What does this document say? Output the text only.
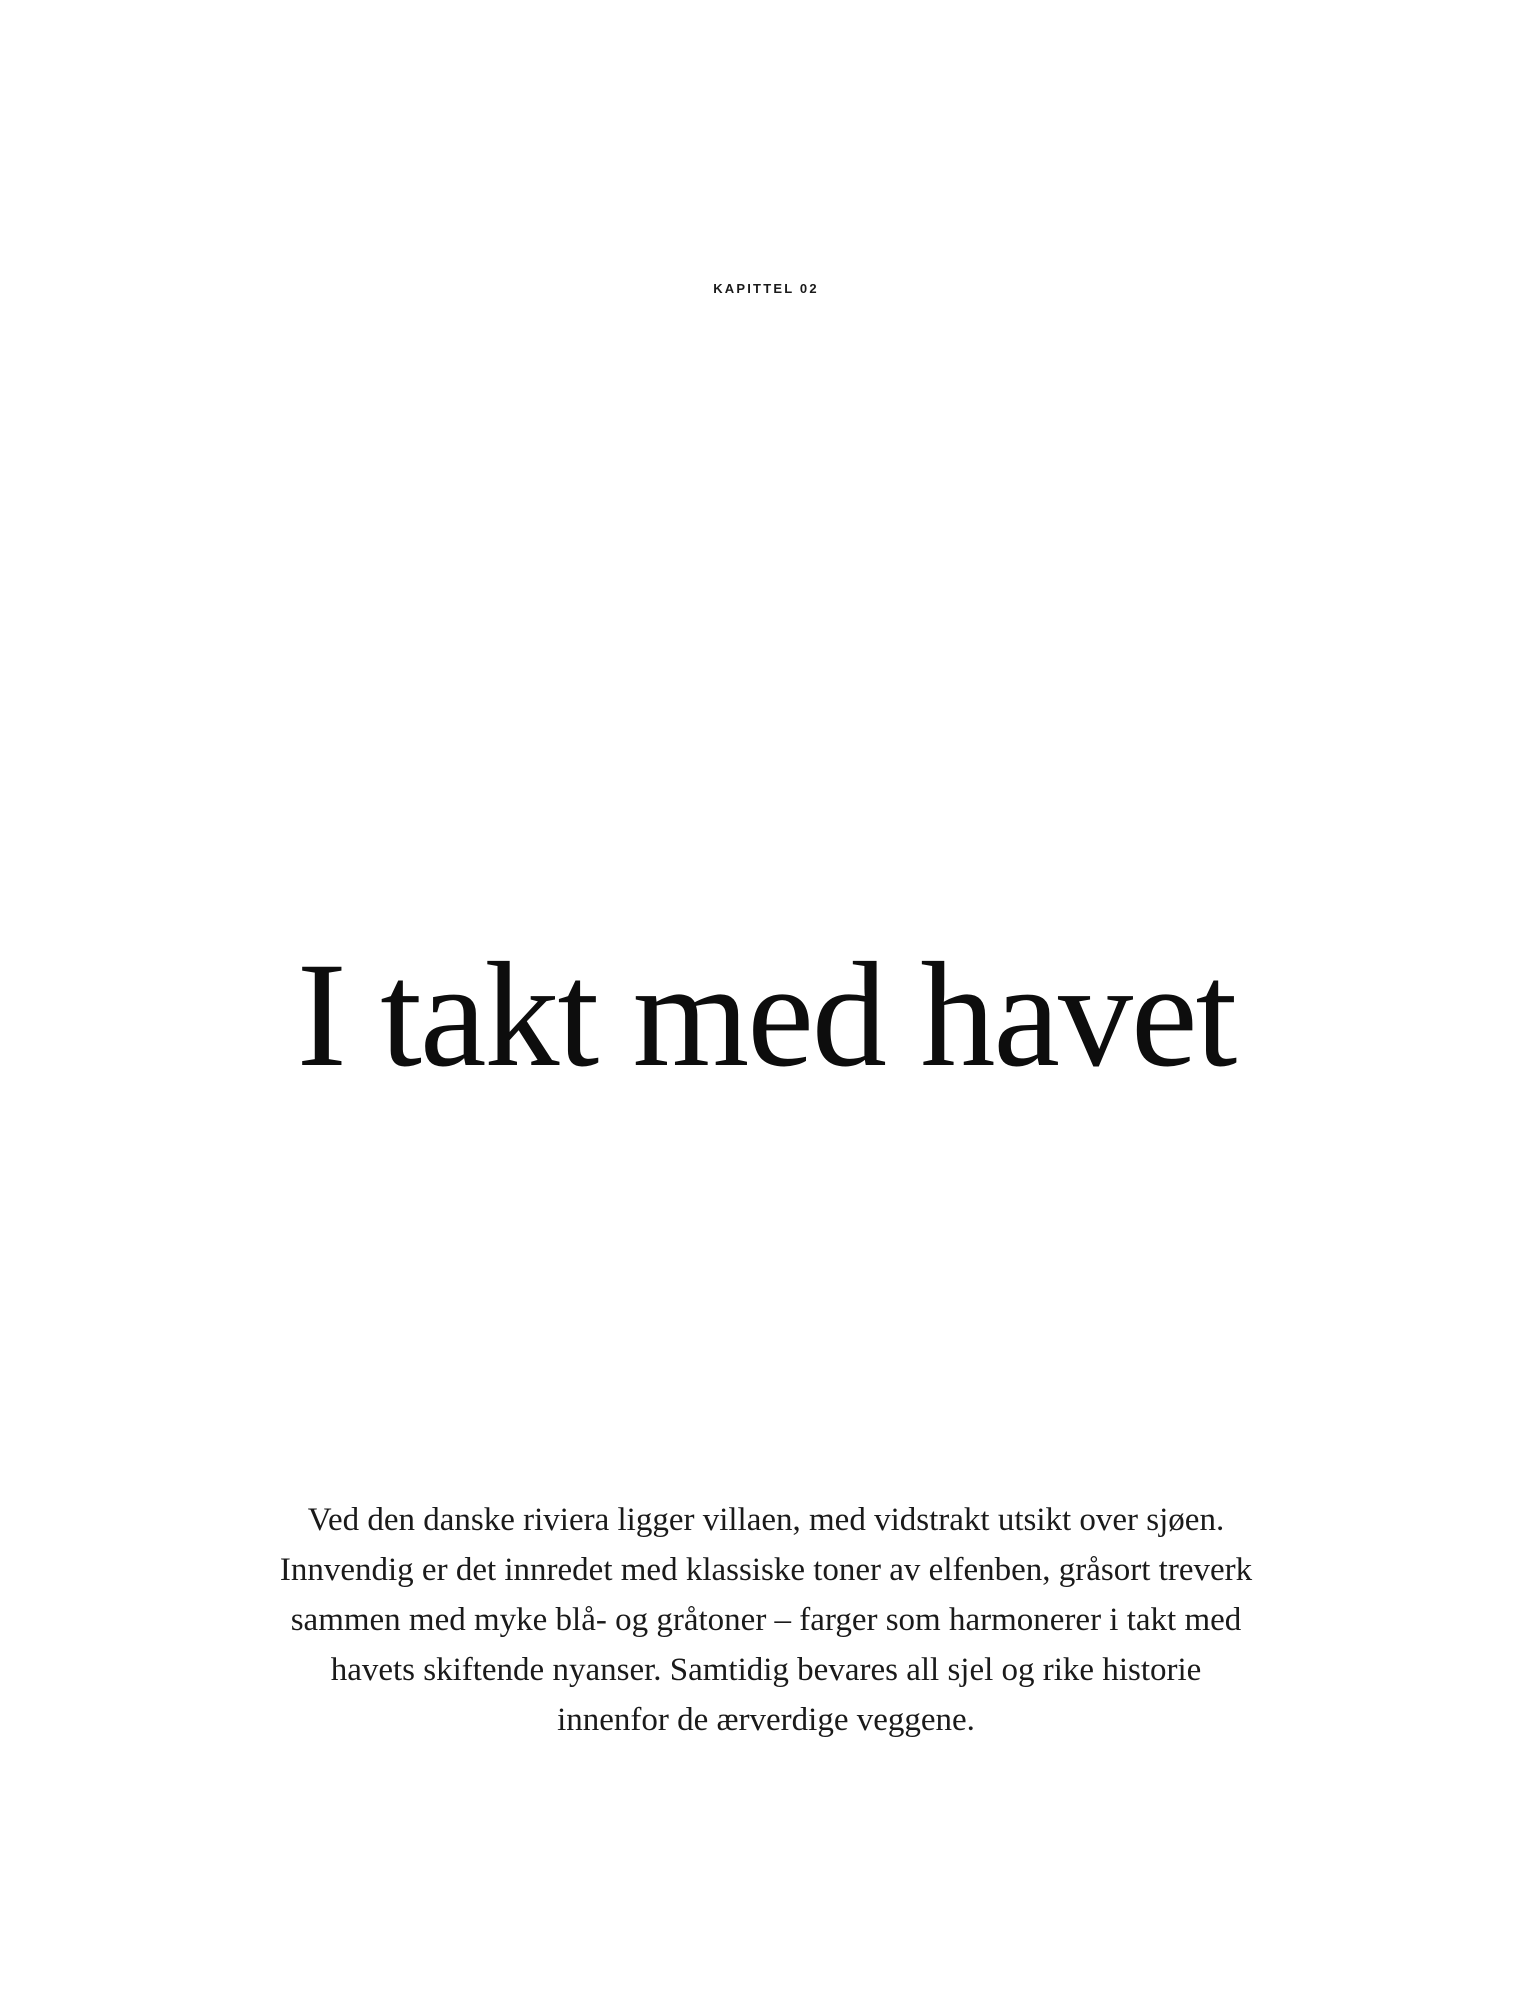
KAPITTEL 02
I takt med havet

Ved den danske riviera ligger villaen, med vidstrakt utsikt over sjøen.
Innvendig er det innredet med klassiske toner av elfenben, gråsort treverk
sammen med myke blå- og gråtoner – farger som harmonerer i takt med
havets skiftende nyanser. Samtidig bevares all sjel og rike historie
innenfor de ærverdige veggene.
